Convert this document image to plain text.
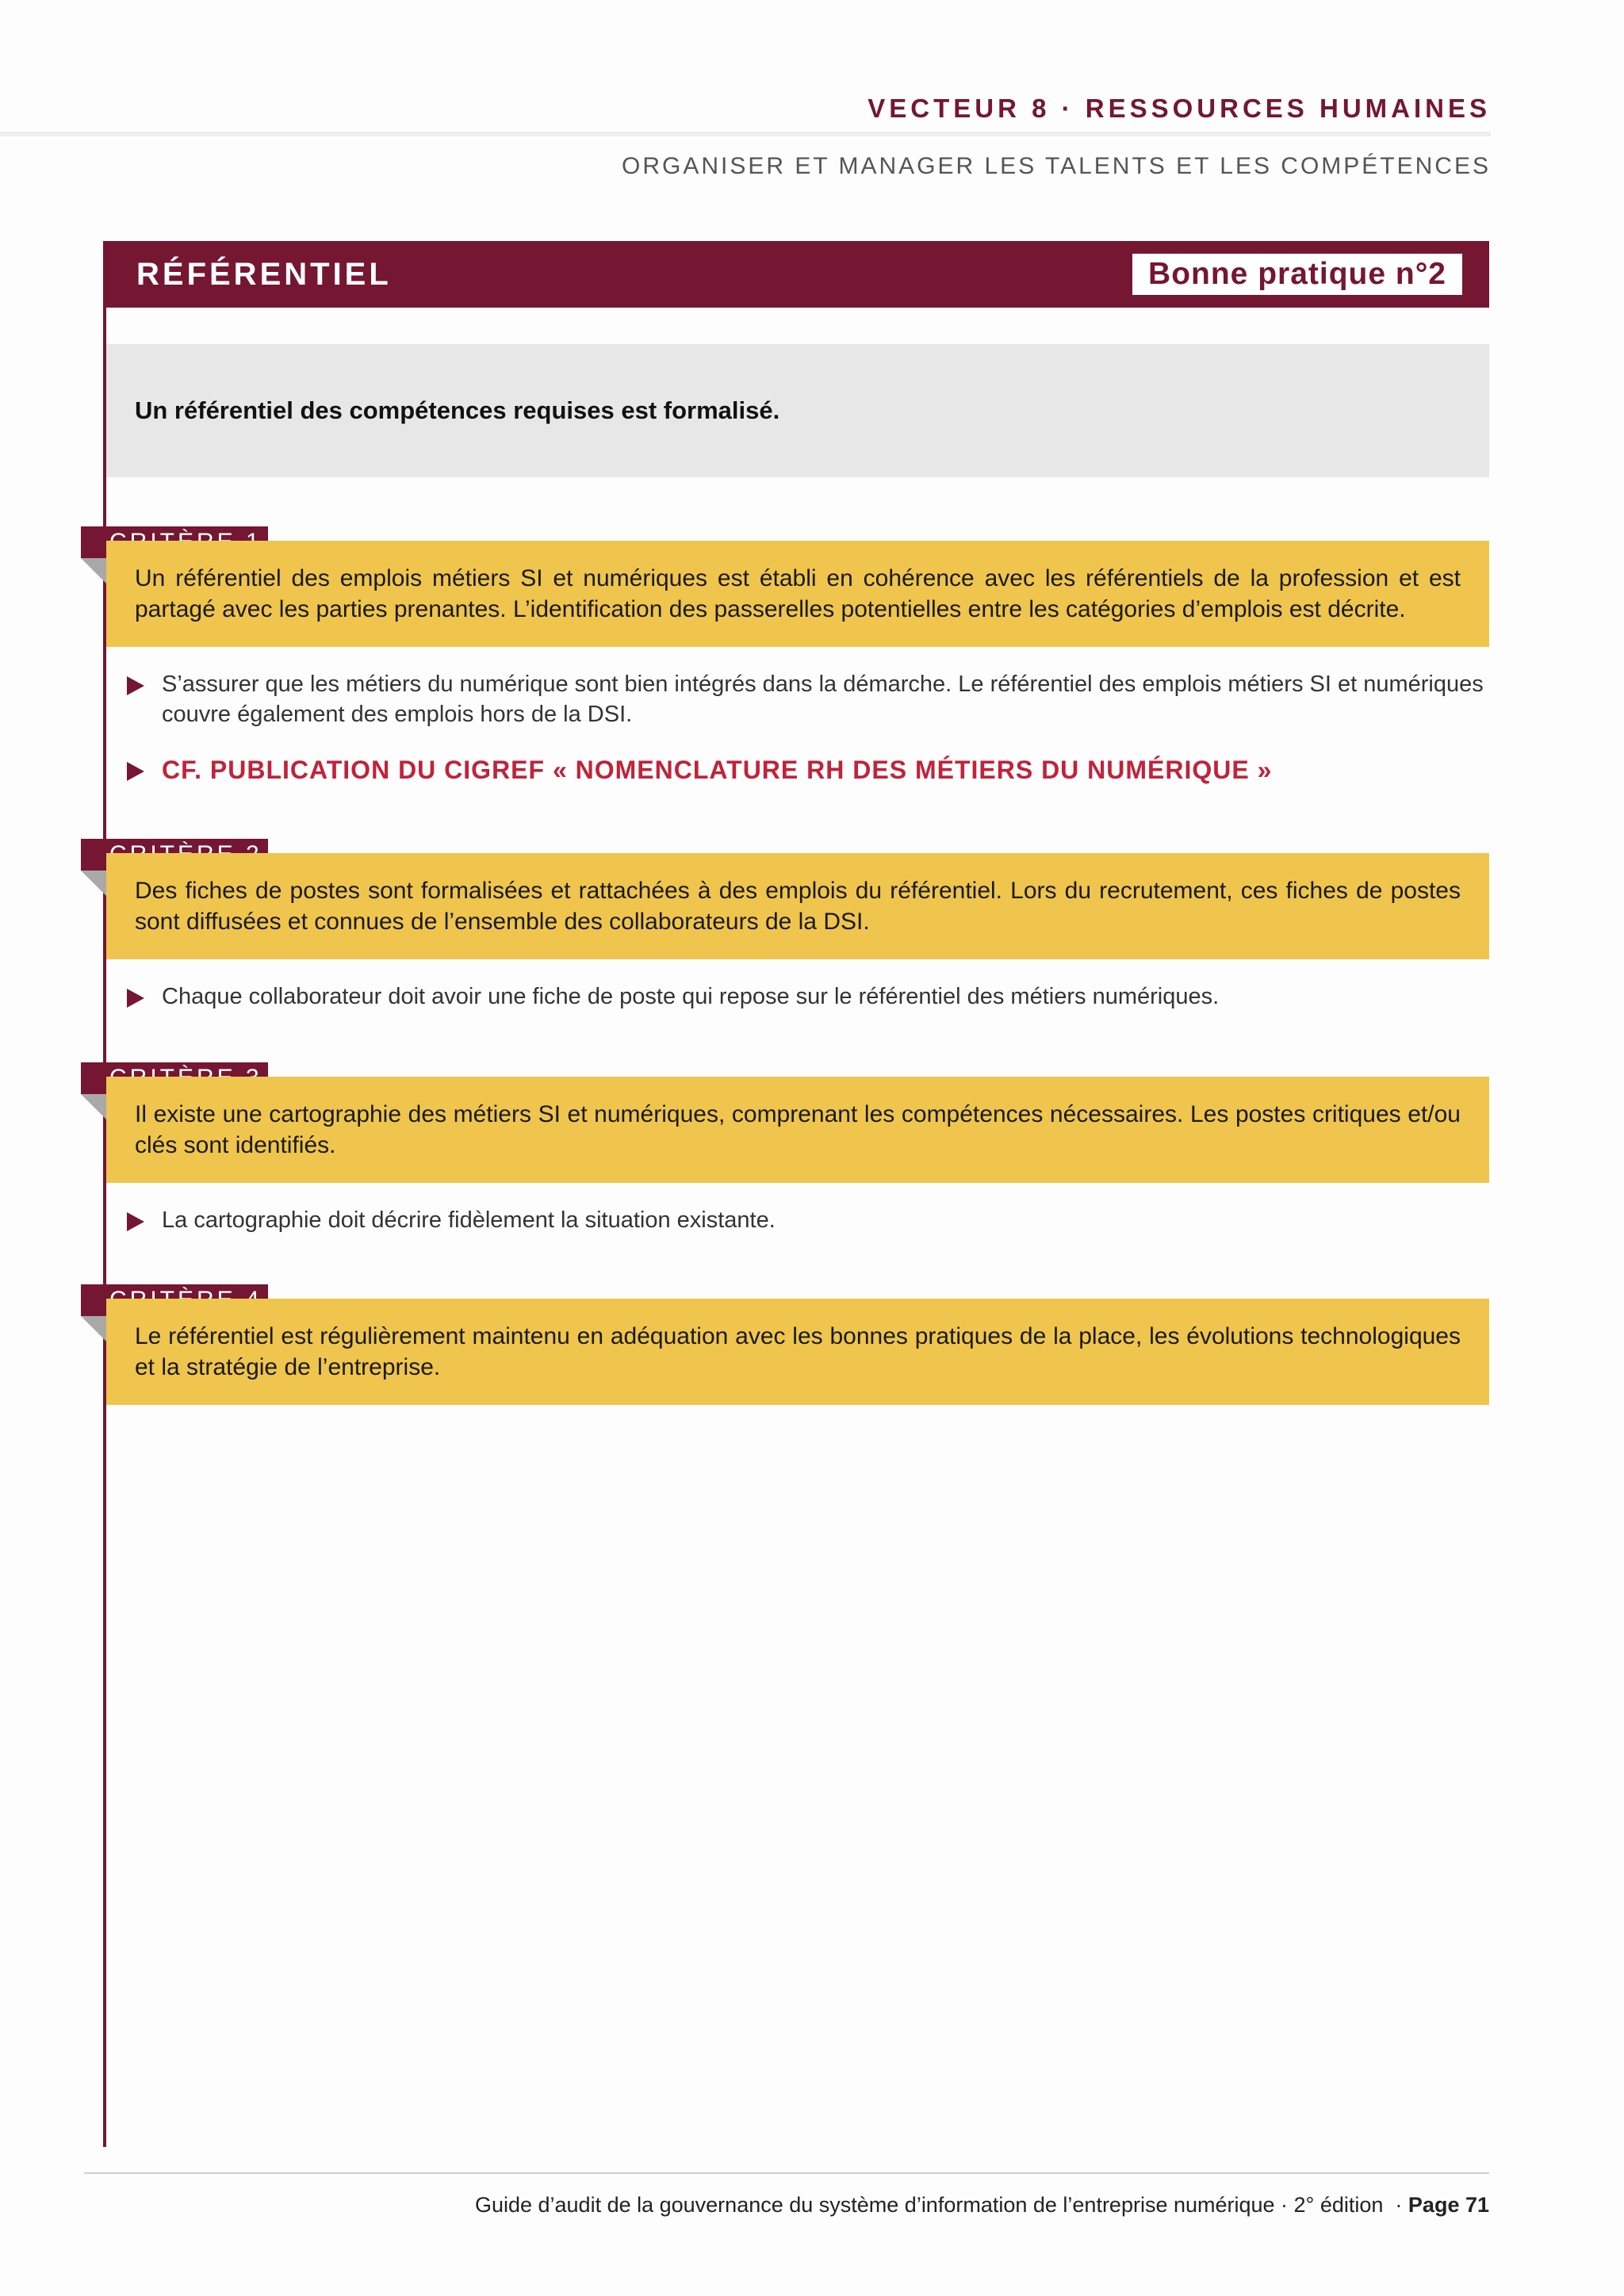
VECTEUR 8 · RESSOURCES HUMAINES
ORGANISER ET MANAGER LES TALENTS ET LES COMPÉTENCES
RÉFÉRENTIEL	Bonne pratique n°2
Un référentiel des compétences requises est formalisé.
Un référentiel des emplois métiers SI et numériques est établi en cohérence avec les référentiels de la profession et est partagé avec les parties prenantes. L’identification des passerelles potentielles entre les catégories d’emplois est décrite.
S’assurer que les métiers du numérique sont bien intégrés dans la démarche. Le référentiel des emplois métiers SI et numériques couvre également des emplois hors de la DSI.
CF. PUBLICATION DU CIGREF « NOMENCLATURE RH DES MÉTIERS DU NUMÉRIQUE »
Des fiches de postes sont formalisées et rattachées à des emplois du référentiel. Lors du recrutement, ces fiches de postes sont diffusées et connues de l’ensemble des collaborateurs de la DSI.
Chaque collaborateur doit avoir une fiche de poste qui repose sur le référentiel des métiers numériques.
Il existe une cartographie des métiers SI et numériques, comprenant les compétences nécessaires. Les postes critiques et/ou clés sont identifiés.
La cartographie doit décrire fidèlement la situation existante.
Le référentiel est régulièrement maintenu en adéquation avec les bonnes pratiques de la place, les évolutions technologiques et la stratégie de l’entreprise.
Guide d’audit de la gouvernance du système d’information de l’entreprise numérique · 2° édition  · Page 71
